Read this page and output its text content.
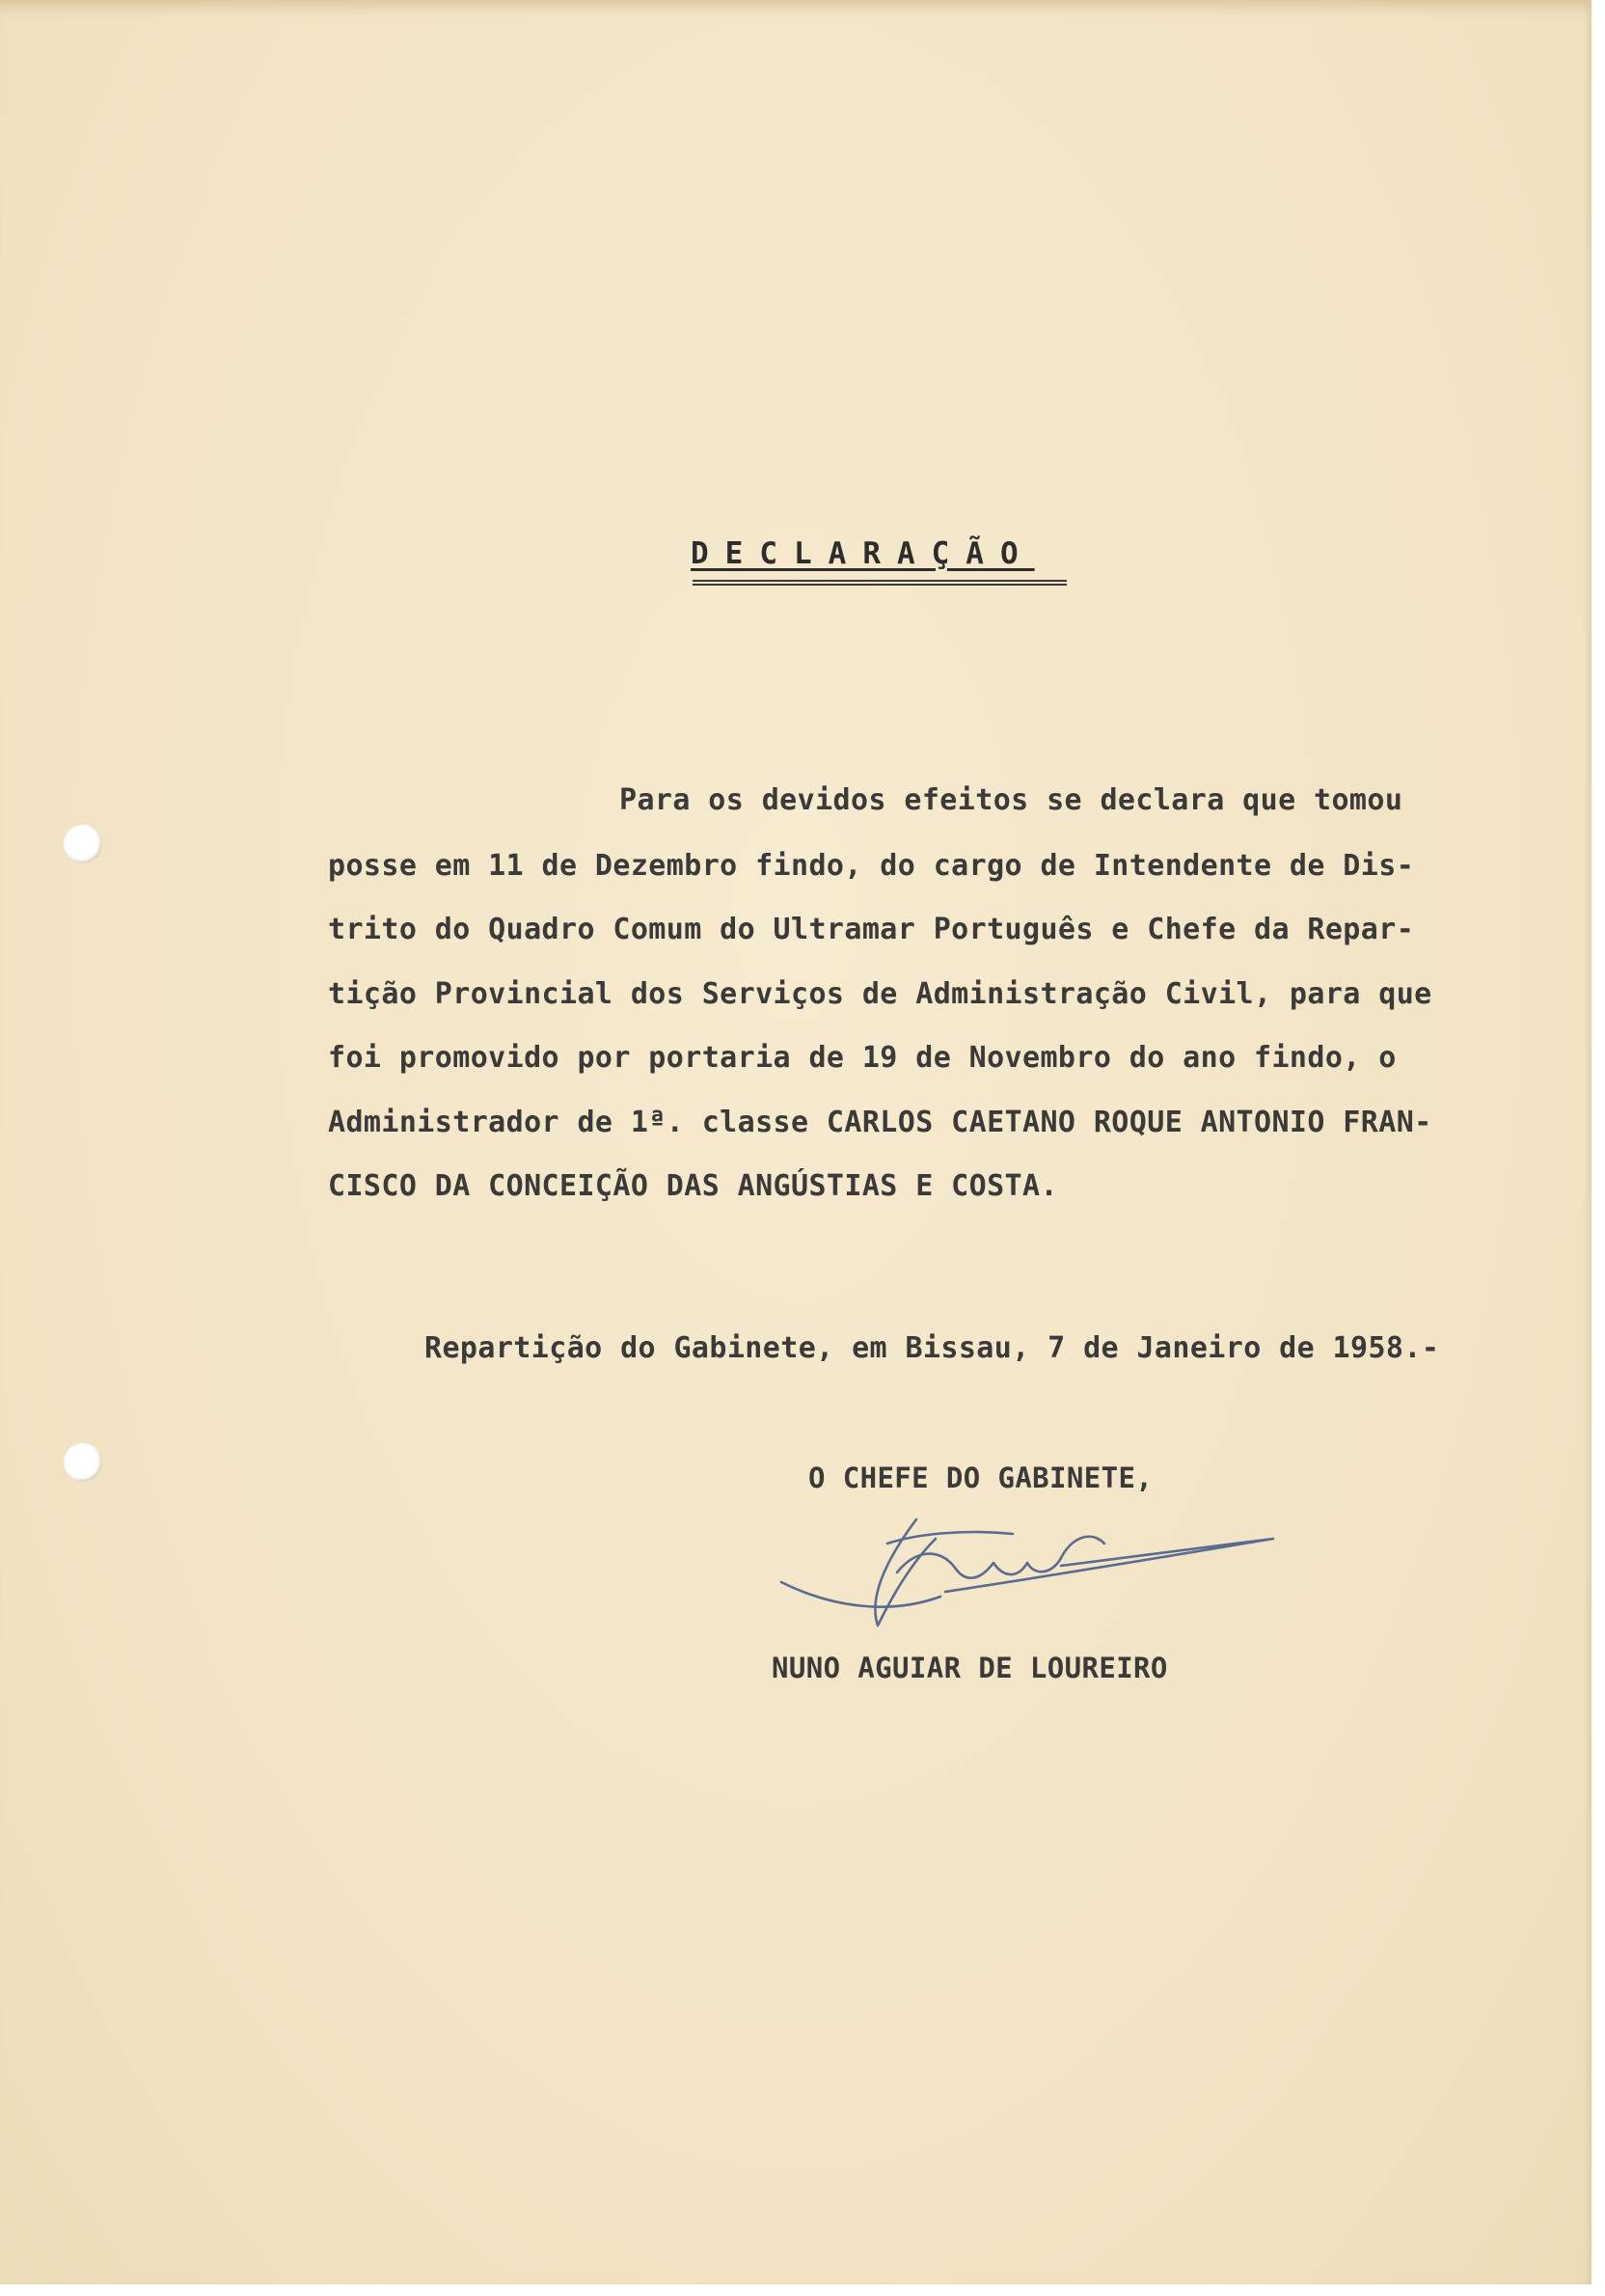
DECLARAÇÃO
Para os devidos efeitos se declara que tomou
posse em 11 de Dezembro findo, do cargo de Intendente de Dis-
trito do Quadro Comum do Ultramar Português e Chefe da Repar-
tição Provincial dos Serviços de Administração Civil, para que
foi promovido por portaria de 19 de Novembro do ano findo, o
Administrador de 1ª. classe CARLOS CAETANO ROQUE ANTONIO FRAN-
CISCO DA CONCEIÇÃO DAS ANGÚSTIAS E COSTA.
Repartição do Gabinete, em Bissau, 7 de Janeiro de 1958.-
O CHEFE DO GABINETE,
NUNO AGUIAR DE LOUREIRO
